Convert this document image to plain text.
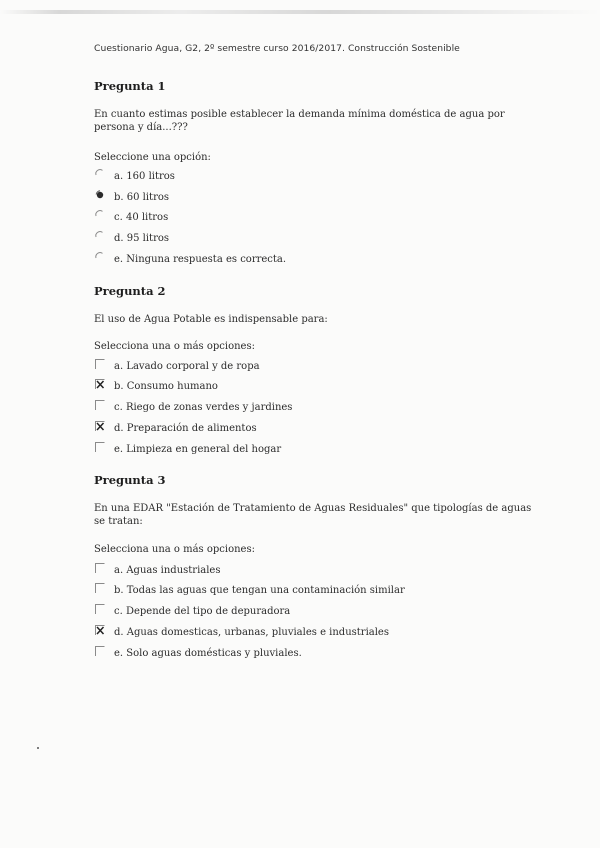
Cuestionario Agua, G2, 2º semestre curso 2016/2017. Construcción Sostenible
Pregunta 1
En cuanto estimas posible establecer la demanda mínima doméstica de agua por persona y día...???
Seleccione una opción:
a. 160 litros
b. 60 litros
c. 40 litros
d. 95 litros
e. Ninguna respuesta es correcta.
Pregunta 2
El uso de Agua Potable es indispensable para:
Selecciona una o más opciones:
a. Lavado corporal y de ropa
b. Consumo humano
c. Riego de zonas verdes y jardines
d. Preparación de alimentos
e. Limpieza en general del hogar
Pregunta 3
En una EDAR "Estación de Tratamiento de Aguas Residuales" que tipologías de aguas se tratan:
Selecciona una o más opciones:
a. Aguas industriales
b. Todas las aguas que tengan una contaminación similar
c. Depende del tipo de depuradora
d. Aguas domesticas, urbanas, pluviales e industriales
e. Solo aguas domésticas y pluviales.
